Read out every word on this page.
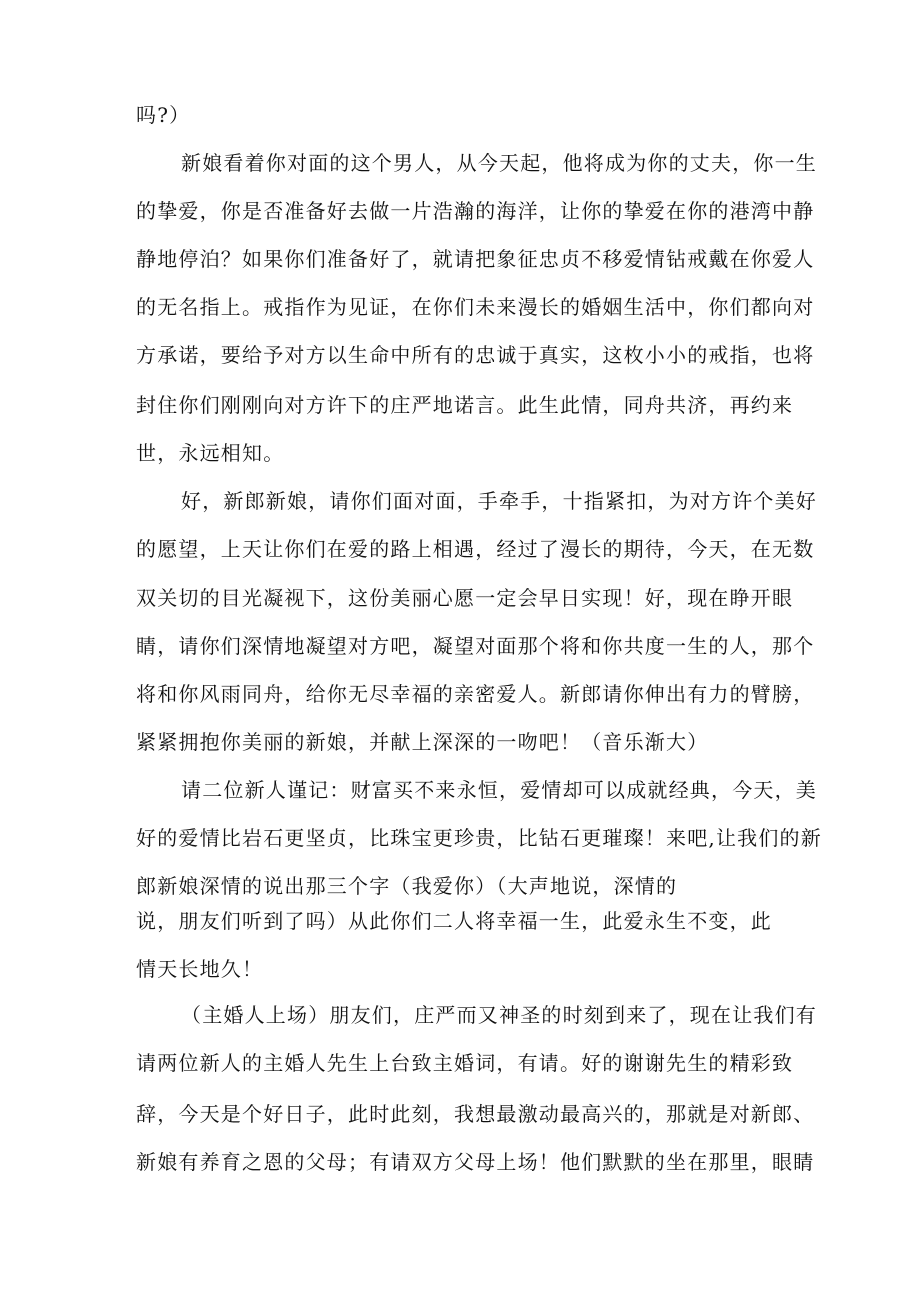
吗?）
新娘看着你对面的这个男人，从今天起，他将成为你的丈夫，你一生
的挚爱，你是否准备好去做一片浩瀚的海洋，让你的挚爱在你的港湾中静
静地停泊？如果你们准备好了，就请把象征忠贞不移爱情钻戒戴在你爱人
的无名指上。戒指作为见证，在你们未来漫长的婚姻生活中，你们都向对
方承诺，要给予对方以生命中所有的忠诚于真实，这枚小小的戒指，也将
封住你们刚刚向对方许下的庄严地诺言。此生此情，同舟共济，再约来
世，永远相知。
好，新郎新娘，请你们面对面，手牵手，十指紧扣，为对方许个美好
的愿望，上天让你们在爱的路上相遇，经过了漫长的期待，今天，在无数
双关切的目光凝视下，这份美丽心愿一定会早日实现！好，现在睁开眼
睛，请你们深情地凝望对方吧，凝望对面那个将和你共度一生的人，那个
将和你风雨同舟，给你无尽幸福的亲密爱人。新郎请你伸出有力的臂膀，
紧紧拥抱你美丽的新娘，并献上深深的一吻吧！（音乐渐大）
请二位新人谨记：财富买不来永恒，爱情却可以成就经典，今天，美
好的爱情比岩石更坚贞，比珠宝更珍贵，比钻石更璀璨！来吧,让我们的新
郎新娘深情的说出那三个字（我爱你）（大声地说，深情的
说，朋友们听到了吗）从此你们二人将幸福一生，此爱永生不变，此
情天长地久！
（主婚人上场）朋友们，庄严而又神圣的时刻到来了，现在让我们有
请两位新人的主婚人先生上台致主婚词，有请。好的谢谢先生的精彩致
辞，今天是个好日子，此时此刻，我想最激动最高兴的，那就是对新郎、
新娘有养育之恩的父母；有请双方父母上场！他们默默的坐在那里，眼睛
